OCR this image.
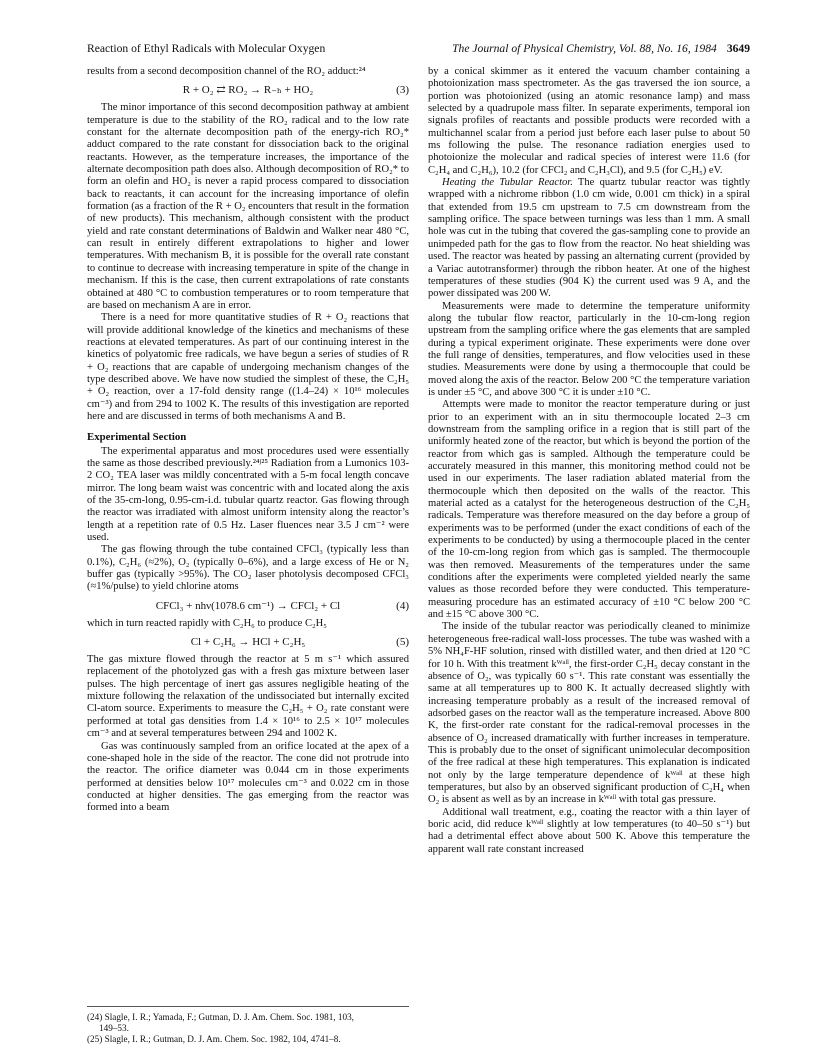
Reaction of Ethyl Radicals with Molecular Oxygen	The Journal of Physical Chemistry, Vol. 88, No. 16, 1984 3649

results from a second decomposition channel of the RO₂ adduct:²⁴

R + O₂ ⇄ RO₂ → R₋ₕ + HO₂	(3)

The minor importance of this second decomposition pathway at ambient temperature is due to the stability of the RO₂ radical and to the low rate constant for the alternate decomposition path of the energy-rich RO₂* adduct compared to the rate constant for dissociation back to the original reactants. However, as the temperature increases, the importance of the alternate decomposition path does also. Although decomposition of RO₂* to form an olefin and HO₂ is never a rapid process compared to dissociation back to reactants, it can account for the increasing importance of olefin formation (as a fraction of the R + O₂ encounters that result in the formation of new products). This mechanism, although consistent with the product yield and rate constant determinations of Baldwin and Walker near 480 °C, can result in entirely different extrapolations to higher and lower temperatures. With mechanism B, it is possible for the overall rate constant to continue to decrease with increasing temperature in spite of the change in mechanism. If this is the case, then current extrapolations of rate constants obtained at 480 °C to combustion temperatures or to room temperature that are based on mechanism A are in error.

There is a need for more quantitative studies of R + O₂ reactions that will provide additional knowledge of the kinetics and mechanisms of these reactions at elevated temperatures. As part of our continuing interest in the kinetics of polyatomic free radicals, we have begun a series of studies of R + O₂ reactions that are capable of undergoing mechanism changes of the type described above. We have now studied the simplest of these, the C₂H₅ + O₂ reaction, over a 17-fold density range ((1.4–24) × 10¹⁶ molecules cm⁻³) and from 294 to 1002 K. The results of this investigation are reported here and are discussed in terms of both mechanisms A and B.

Experimental Section

The experimental apparatus and most procedures used were essentially the same as those described previously.²⁴ʲ²⁵ Radiation from a Lumonics 103-2 CO₂ TEA laser was mildly concentrated with a 5-m focal length concave mirror. The long beam waist was concentric with and located along the axis of the 35-cm-long, 0.95-cm-i.d. tubular quartz reactor. Gas flowing through the reactor was irradiated with almost uniform intensity along the reactor’s length at a repetition rate of 0.5 Hz. Laser fluences near 3.5 J cm⁻² were used.

The gas flowing through the tube contained CFCl₃ (typically less than 0.1%), C₂H₆ (≈2%), O₂ (typically 0–6%), and a large excess of He or N₂ buffer gas (typically >95%). The CO₂ laser photolysis decomposed CFCl₃ (≈1%/pulse) to yield chlorine atoms

CFCl₃ + nhν(1078.6 cm⁻¹) → CFCl₂ + Cl	(4)

which in turn reacted rapidly with C₂H₆ to produce C₂H₅

Cl + C₂H₆ → HCl + C₂H₅	(5)

The gas mixture flowed through the reactor at 5 m s⁻¹ which assured replacement of the photolyzed gas with a fresh gas mixture between laser pulses. The high percentage of inert gas assures negligible heating of the mixture following the relaxation of the undissociated but internally excited Cl-atom source. Experiments to measure the C₂H₅ + O₂ rate constant were performed at total gas densities from 1.4 × 10¹⁶ to 2.5 × 10¹⁷ molecules cm⁻³ and at several temperatures between 294 and 1002 K.

Gas was continuously sampled from an orifice located at the apex of a cone-shaped hole in the side of the reactor. The cone did not protrude into the reactor. The orifice diameter was 0.044 cm in those experiments performed at densities below 10¹⁷ molecules cm⁻³ and 0.022 cm in those conducted at higher densities. The gas emerging from the reactor was formed into a beam

by a conical skimmer as it entered the vacuum chamber containing a photoionization mass spectrometer. As the gas traversed the ion source, a portion was photoionized (using an atomic resonance lamp) and mass selected by a quadrupole mass filter. In separate experiments, temporal ion signals profiles of reactants and possible products were recorded with a multichannel scalar from a period just before each laser pulse to about 50 ms following the pulse. The resonance radiation energies used to photoionize the molecular and radical species of interest were 11.6 (for C₂H₄ and C₂H₆), 10.2 (for CFCl₂ and C₂H₃Cl), and 9.5 (for C₂H₅) eV.

Heating the Tubular Reactor. The quartz tubular reactor was tightly wrapped with a nichrome ribbon (1.0 cm wide, 0.001 cm thick) in a spiral that extended from 19.5 cm upstream to 7.5 cm downstream from the sampling orifice. The space between turnings was less than 1 mm. A small hole was cut in the tubing that covered the gas-sampling cone to provide an unimpeded path for the gas to flow from the reactor. No heat shielding was used. The reactor was heated by passing an alternating current (provided by a Variac autotransformer) through the ribbon heater. At one of the highest temperatures of these studies (904 K) the current used was 9 A, and the power dissipated was 200 W.

Measurements were made to determine the temperature uniformity along the tubular flow reactor, particularly in the 10-cm-long region upstream from the sampling orifice where the gas elements that are sampled during a typical experiment originate. These experiments were done over the full range of densities, temperatures, and flow velocities used in these studies. Measurements were done by using a thermocouple that could be moved along the axis of the reactor. Below 200 °C the temperature variation is under ±5 °C, and above 300 °C it is under ±10 °C.

Attempts were made to monitor the reactor temperature during or just prior to an experiment with an in situ thermocouple located 2–3 cm downstream from the sampling orifice in a region that is still part of the uniformly heated zone of the reactor, but which is beyond the portion of the reactor from which gas is sampled. Although the temperature could be accurately measured in this manner, this monitoring method could not be used in our experiments. The laser radiation ablated material from the thermocouple which then deposited on the walls of the reactor. This material acted as a catalyst for the heterogeneous destruction of the C₂H₅ radicals. Temperature was therefore measured on the day before a group of experiments was to be performed (under the exact conditions of each of the experiments to be conducted) by using a thermocouple placed in the center of the 10-cm-long region from which gas is sampled. The thermocouple was then removed. Measurements of the temperatures under the same conditions after the experiments were completed yielded nearly the same values as those recorded before they were conducted. This temperature-measuring procedure has an estimated accuracy of ±10 °C below 200 °C and ±15 °C above 300 °C.

The inside of the tubular reactor was periodically cleaned to minimize heterogeneous free-radical wall-loss processes. The tube was washed with a 5% NH₄F-HF solution, rinsed with distilled water, and then dried at 120 °C for 10 h. With this treatment kᵂᵃˡˡ, the first-order C₂H₅ decay constant in the absence of O₂, was typically 60 s⁻¹. This rate constant was essentially the same at all temperatures up to 800 K. It actually decreased slightly with increasing temperature probably as a result of the increased removal of adsorbed gases on the reactor wall as the temperature increased. Above 800 K, the first-order rate constant for the radical-removal processes in the absence of O₂ increased dramatically with further increases in temperature. This is probably due to the onset of significant unimolecular decomposition of the free radical at these high temperatures. This explanation is indicated not only by the large temperature dependence of kᵂᵃˡˡ at these high temperatures, but also by an observed significant production of C₂H₄ when O₂ is absent as well as by an increase in kᵂᵃˡˡ with total gas pressure.

Additional wall treatment, e.g., coating the reactor with a thin layer of boric acid, did reduce kᵂᵃˡˡ slightly at low temperatures (to 40–50 s⁻¹) but had a detrimental effect above about 500 K. Above this temperature the apparent wall rate constant increased

(24) Slagle, I. R.; Yamada, F.; Gutman, D. J. Am. Chem. Soc. 1981, 103,
149–53.
(25) Slagle, I. R.; Gutman, D. J. Am. Chem. Soc. 1982, 104, 4741–8.
